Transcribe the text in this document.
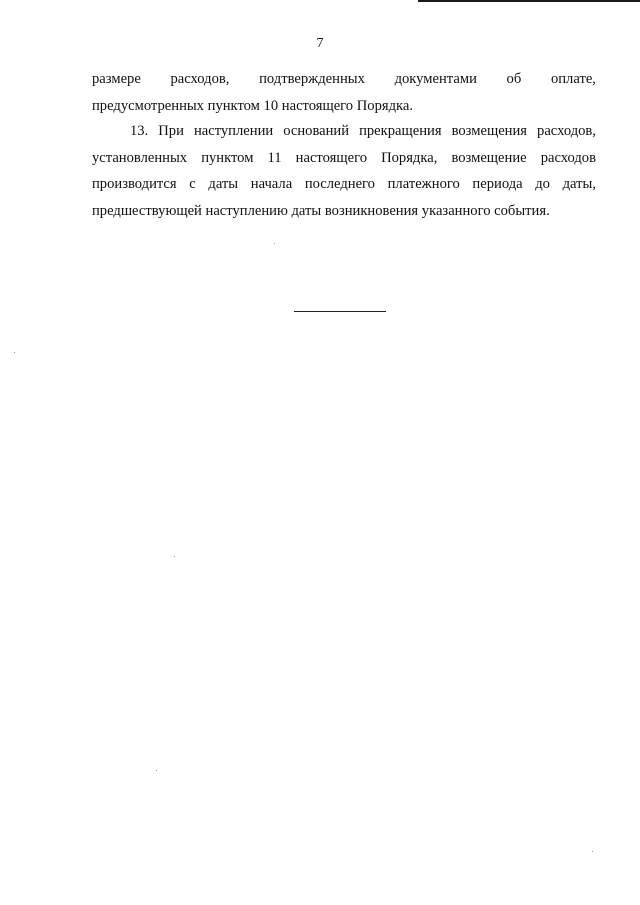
7
размере расходов, подтвержденных документами об оплате,
предусмотренных пунктом 10 настоящего Порядка.
13. При наступлении оснований прекращения возмещения расходов,
установленных пунктом 11 настоящего Порядка, возмещение расходов
производится с даты начала последнего платежного периода до даты,
предшествующей наступлению даты возникновения указанного события.
